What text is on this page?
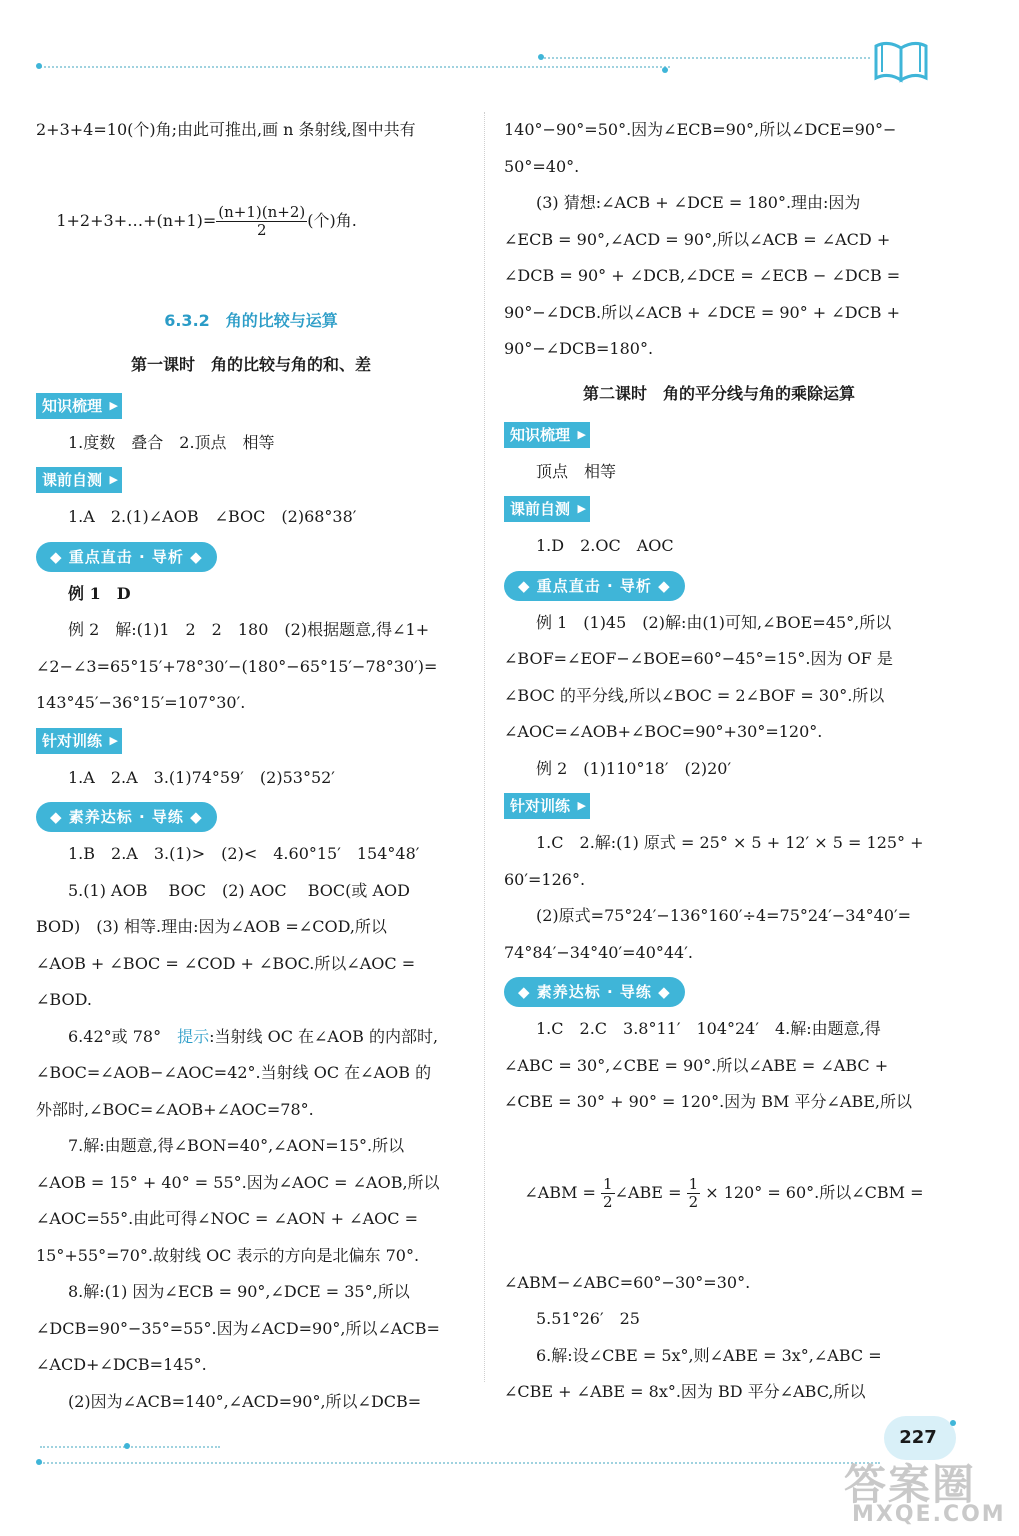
2+3+4=10(个)角;由此可推出,画 n 条射线,图中共有

1+2+3+…+(n+1)= $\frac{(n+1)(n+2)}{2}$ (个)角.

6.3.2　角的比较与运算
第一课时　角的比较与角的和、差
知识梳理 ▶

1.度数　叠合　2.顶点　相等

课前自测 ▶

1.A　2.(1)∠AOB　∠BOC　(2)68°38′

◆ 重点直击 · 导析 ◆

例 1　D

例 2　解:(1)1　2　2　180　(2)根据题意,得∠1+

∠2−∠3=65°15′+78°30′−(180°−65°15′−78°30′)=

143°45′−36°15′=107°30′.

针对训练 ▶

1.A　2.A　3.(1)74°59′　(2)53°52′

◆ 素养达标 · 导练 ◆

1.B　2.A　3.(1)>　(2)<　4.60°15′　154°48′

5.(1) AOB　 BOC　(2) AOC　 BOC(或 AOD

BOD)　(3) 相等.理由:因为∠AOB =∠COD,所以

∠AOB + ∠BOC = ∠COD + ∠BOC.所以∠AOC =

∠BOD.

6.42°或 78°　提示:当射线 OC 在∠AOB 的内部时,

∠BOC=∠AOB−∠AOC=42°.当射线 OC 在∠AOB 的

外部时,∠BOC=∠AOB+∠AOC=78°.

7.解:由题意,得∠BON=40°,∠AON=15°.所以

∠AOB = 15° + 40° = 55°.因为∠AOC = ∠AOB,所以

∠AOC=55°.由此可得∠NOC = ∠AON + ∠AOC =

15°+55°=70°.故射线 OC 表示的方向是北偏东 70°.

8.解:(1) 因为∠ECB = 90°,∠DCE = 35°,所以

∠DCB=90°−35°=55°.因为∠ACD=90°,所以∠ACB=

∠ACD+∠DCB=145°.

(2)因为∠ACB=140°,∠ACD=90°,所以∠DCB=

140°−90°=50°.因为∠ECB=90°,所以∠DCE=90°−

50°=40°.

(3) 猜想:∠ACB + ∠DCE = 180°.理由:因为

∠ECB = 90°,∠ACD = 90°,所以∠ACB = ∠ACD +

∠DCB = 90° + ∠DCB,∠DCE = ∠ECB − ∠DCB =

90°−∠DCB.所以∠ACB + ∠DCE = 90° + ∠DCB +

90°−∠DCB=180°.

第二课时　角的平分线与角的乘除运算
知识梳理 ▶

顶点　相等

课前自测 ▶

1.D　2.OC　AOC

◆ 重点直击 · 导析 ◆

例 1　(1)45　(2)解:由(1)可知,∠BOE=45°,所以

∠BOF=∠EOF−∠BOE=60°−45°=15°.因为 OF 是

∠BOC 的平分线,所以∠BOC = 2∠BOF = 30°.所以

∠AOC=∠AOB+∠BOC=90°+30°=120°.

例 2　(1)110°18′　(2)20′

针对训练 ▶

1.C　2.解:(1) 原式 = 25° × 5 + 12′ × 5 = 125° +

60′=126°.

(2)原式=75°24′−136°160′÷4=75°24′−34°40′=

74°84′−34°40′=40°44′.

◆ 素养达标 · 导练 ◆

1.C　2.C　3.8°11′　104°24′　4.解:由题意,得

∠ABC = 30°,∠CBE = 90°.所以∠ABE = ∠ABC +

∠CBE = 30° + 90° = 120°.因为 BM 平分∠ABE,所以

∠ABM = $\frac{1}{2}$ ∠ABE = $\frac{1}{2} \times 120^\circ = 60^\circ$.所以∠CBM =

∠ABM−∠ABC=60°−30°=30°.

5.51°26′　25

6.解:设∠CBE = 5x°,则∠ABE = 3x°,∠ABC =

∠CBE + ∠ABE = 8x°.因为 BD 平分∠ABC,所以

227
答案圈
MXQE.COM
